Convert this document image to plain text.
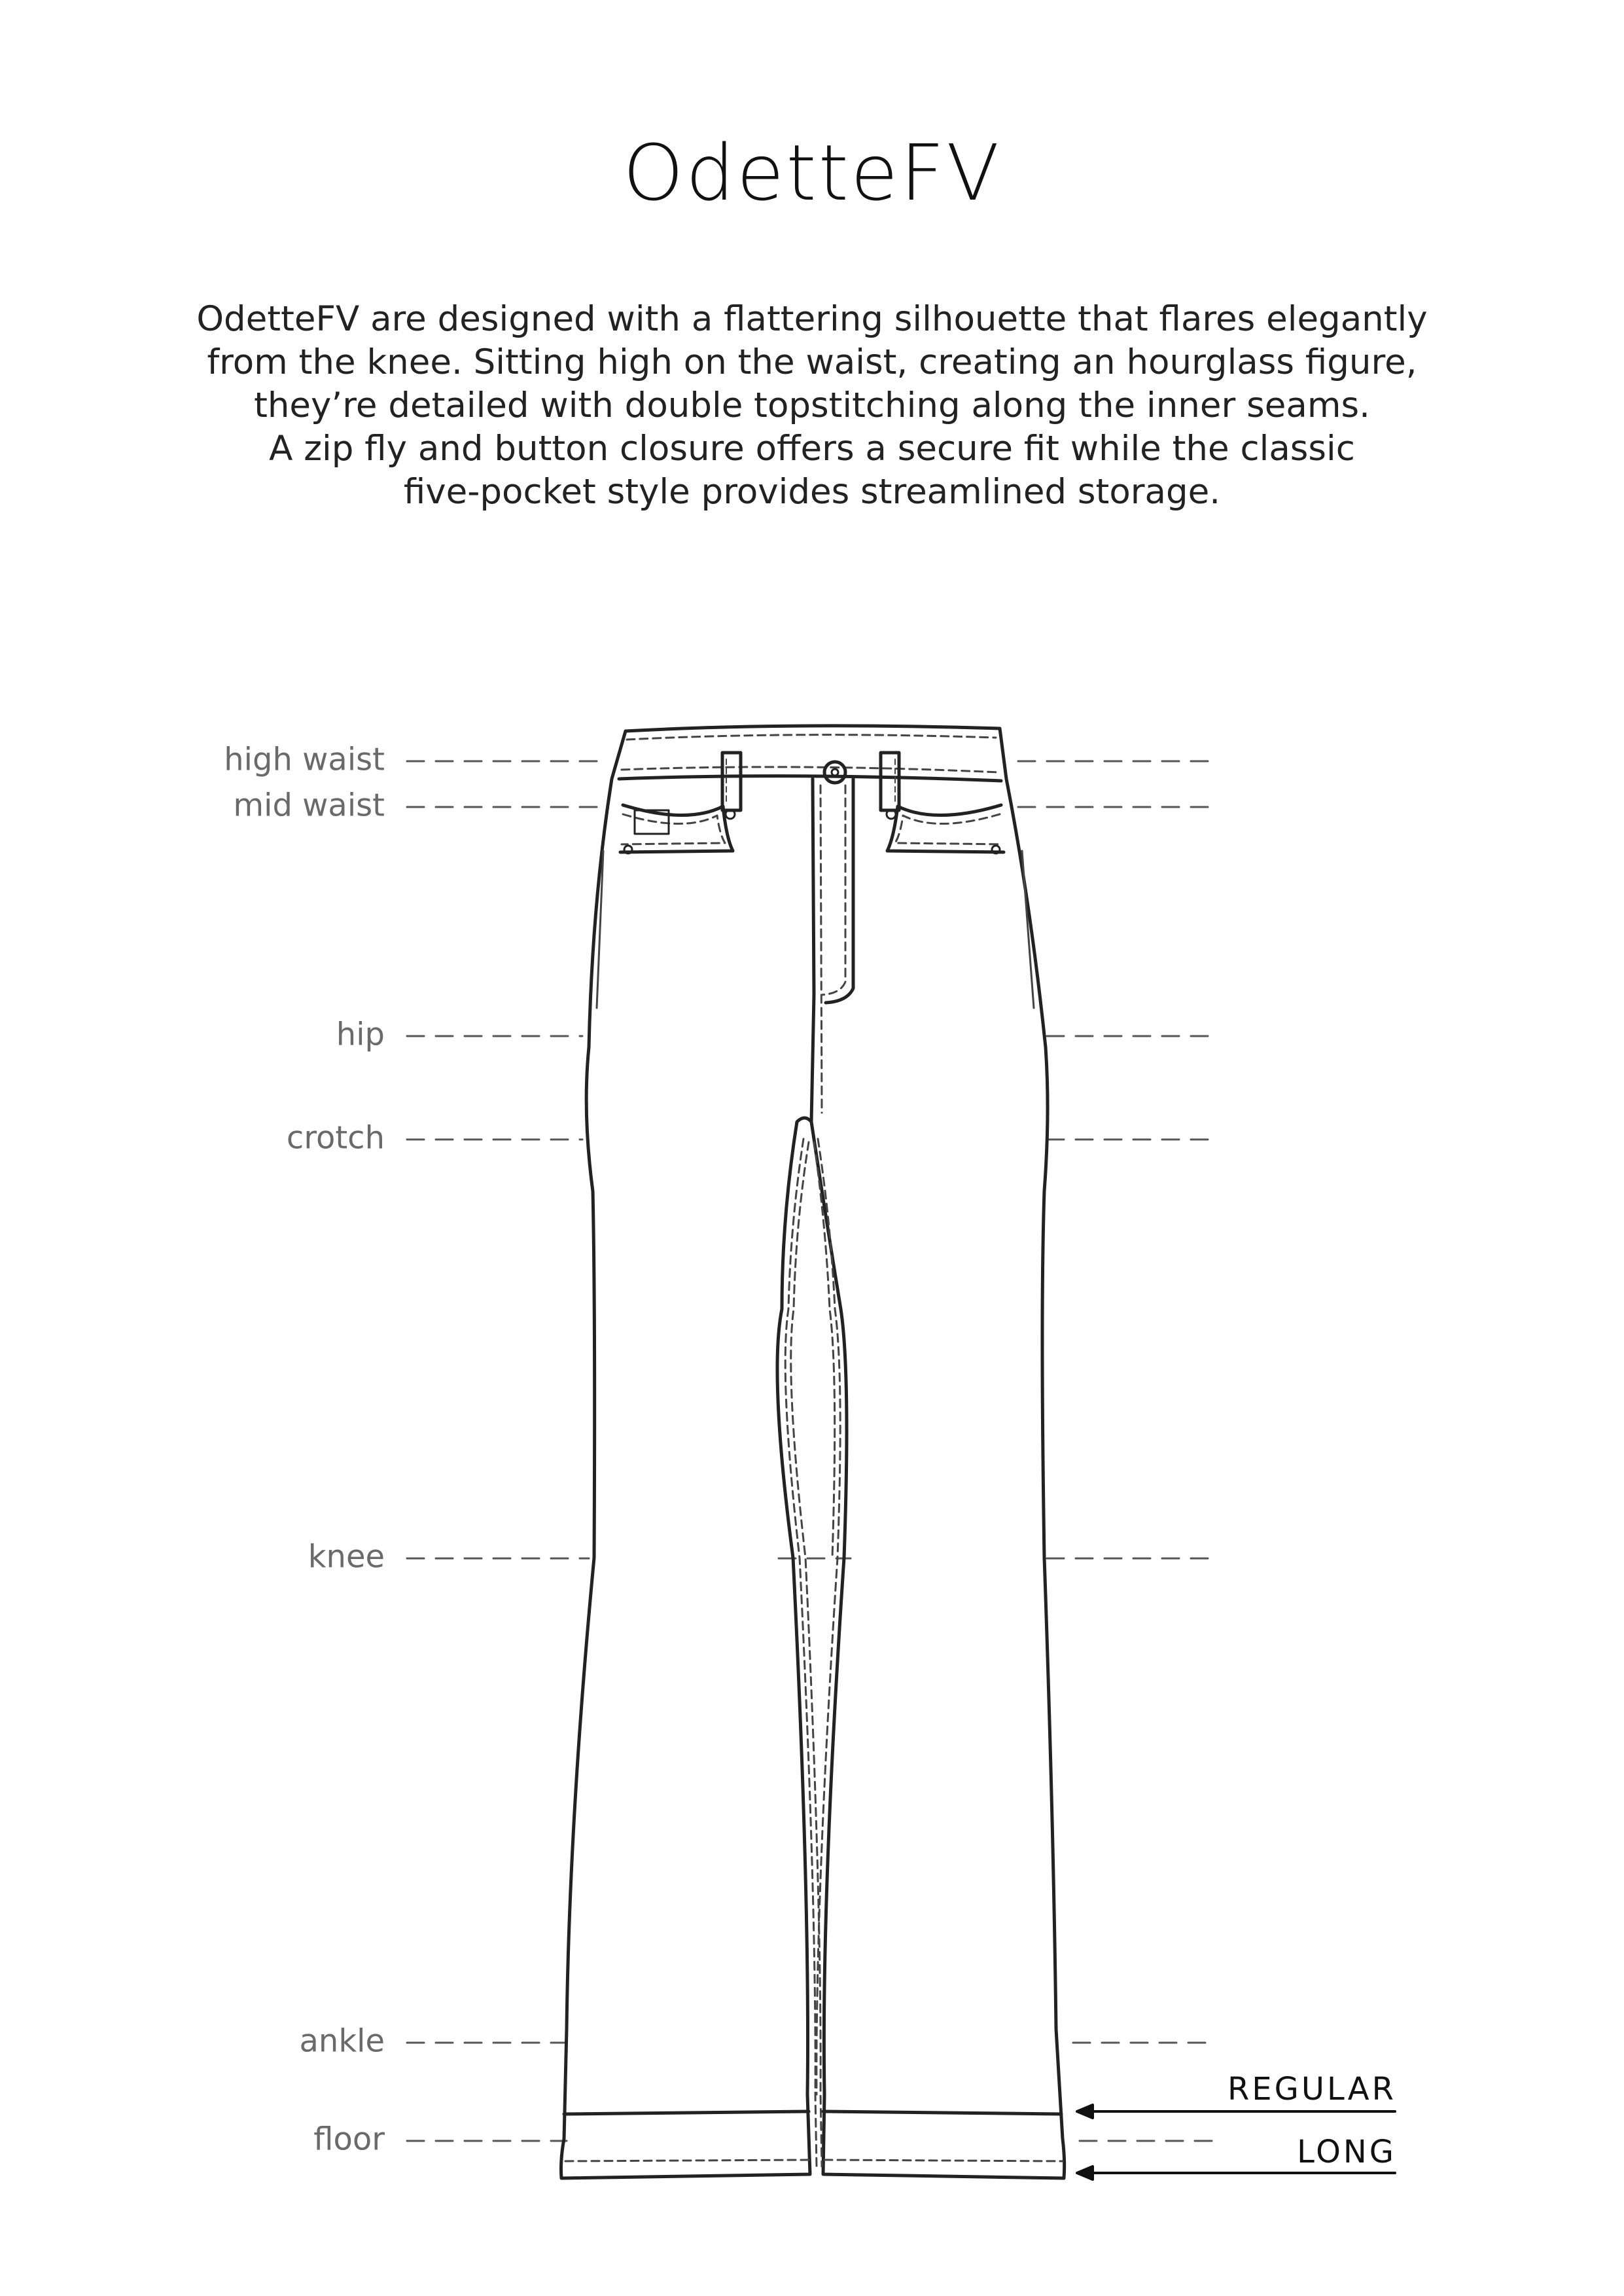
OdetteFV
OdetteFV are designed with a flattering silhouette that flares elegantly
from the knee. Sitting high on the waist, creating an hourglass figure,
they’re detailed with double topstitching along the inner seams.
A zip fly and button closure offers a secure fit while the classic
five-pocket style provides streamlined storage.
high waist
mid waist
hip
crotch
knee
ankle
floor
REGULAR
LONG
